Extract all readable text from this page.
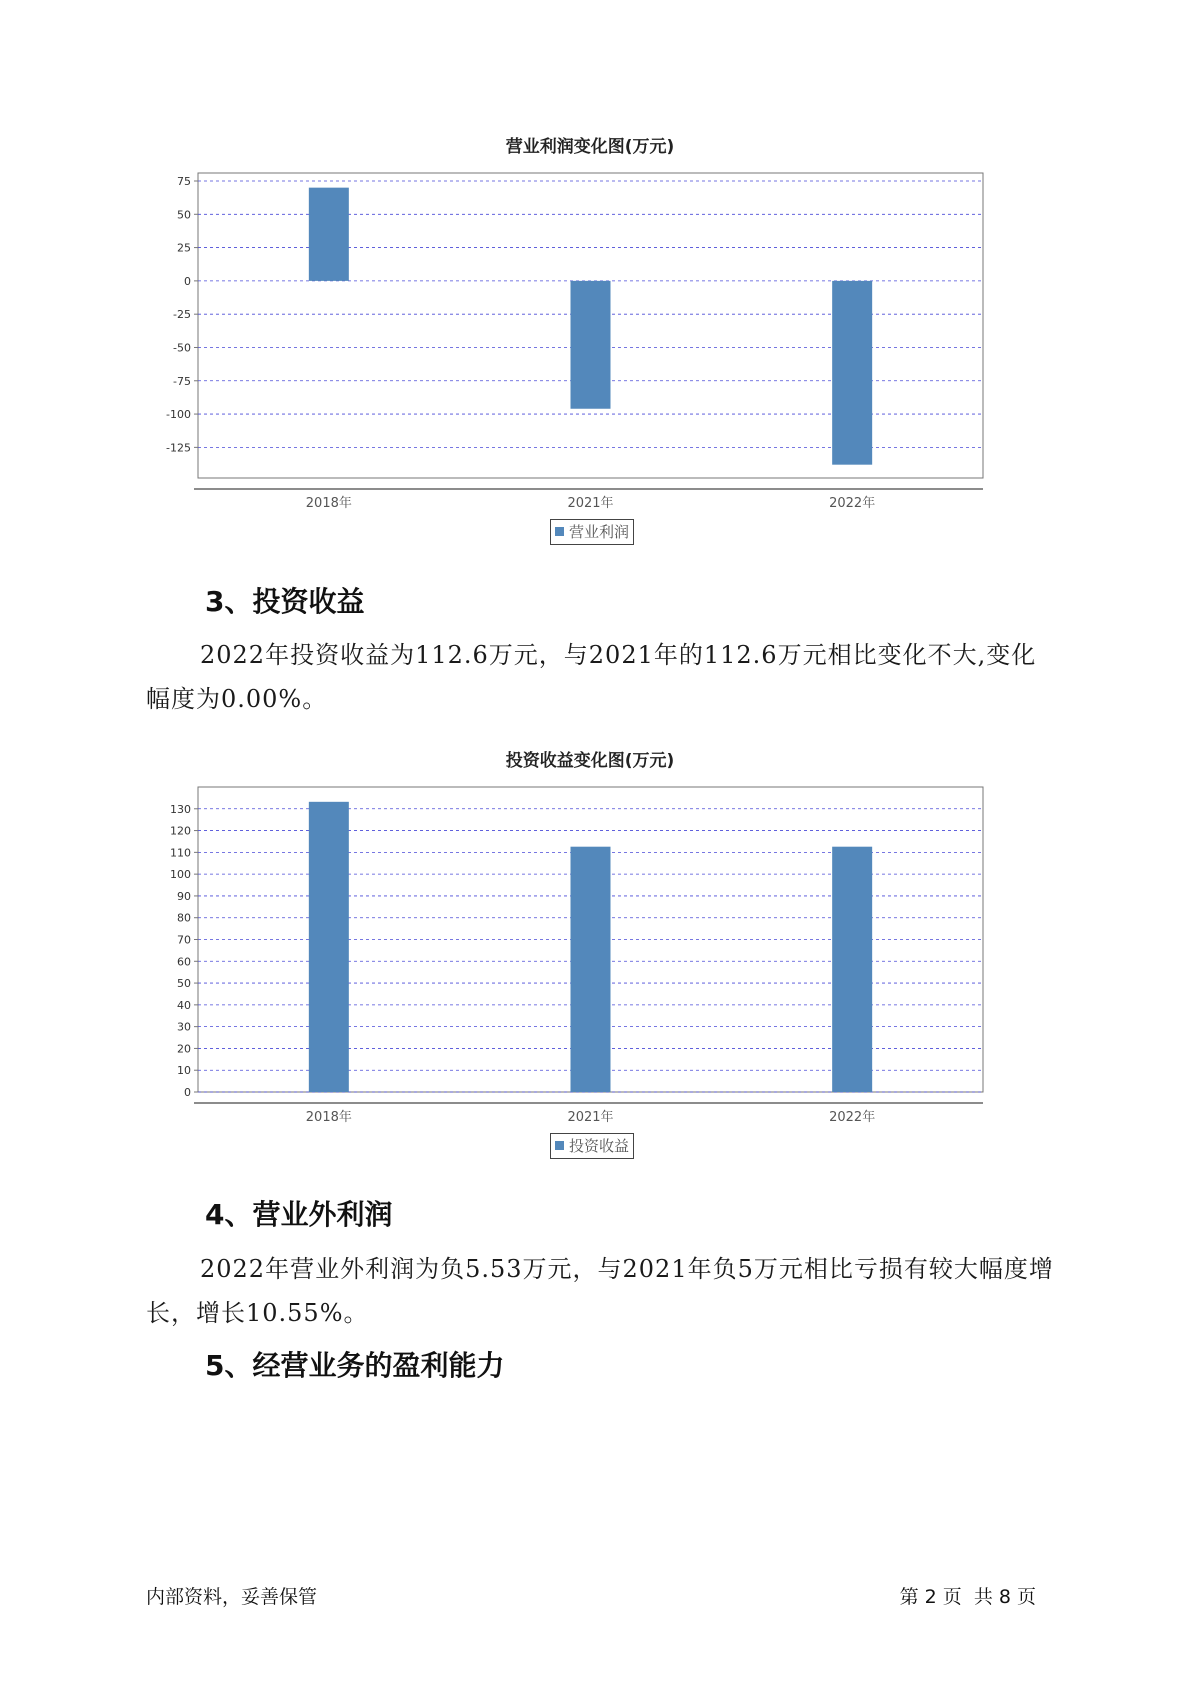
营业利润变化图(万元)
75
50
25
0
-25
-50
-75
-100
-125
2018年	2021年	2022年
营业利润
3、投资收益

2022年投资收益为112.6万元，与2021年的112.6万元相比变化不大,变化幅度为0.00%。

投资收益变化图(万元)
130
120
110
100
90
80
70
60
50
40
30
20
10
0
2018年	2021年	2022年
投资收益
4、营业外利润

2022年营业外利润为负5.53万元，与2021年负5万元相比亏损有较大幅度增长，增长10.55%。

5、经营业务的盈利能力
内部资料，妥善保管	第 2 页  共 8 页
